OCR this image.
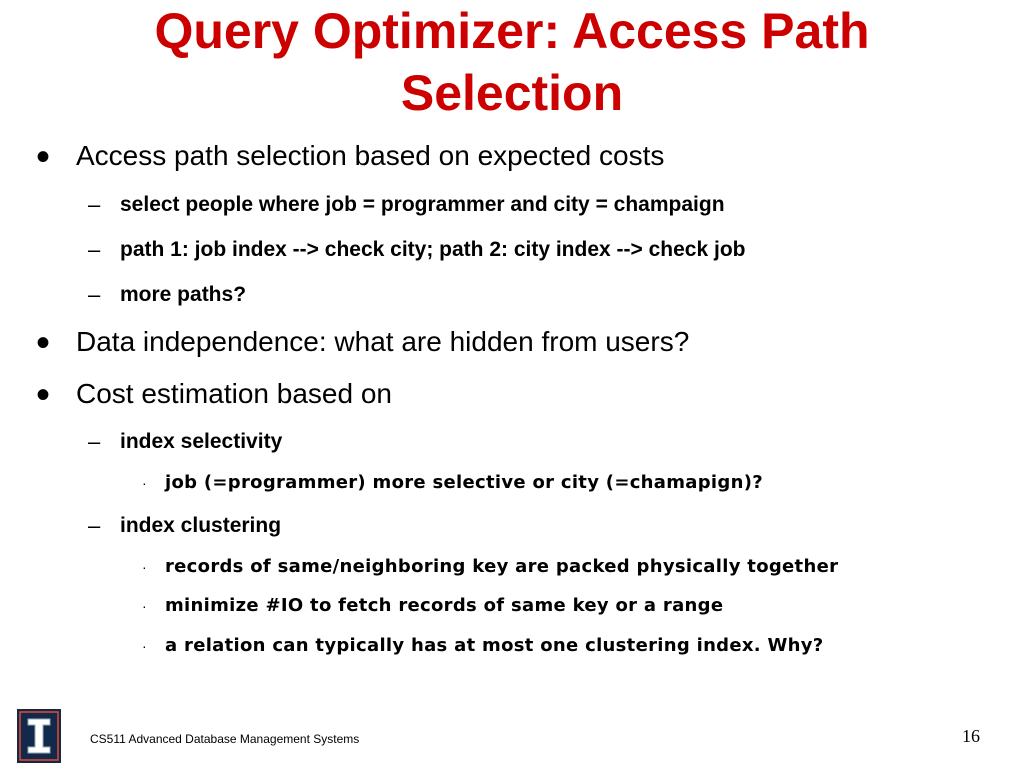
Query Optimizer: Access Path Selection
• Access path selection based on expected costs
– select people where job = programmer and city = champaign
– path 1: job index --> check city; path 2: city index --> check job
– more paths?
• Data independence: what are hidden from users?
• Cost estimation based on
– index selectivity
· job (=programmer) more selective or city (=chamapign)?
– index clustering
· records of same/neighboring key are packed physically together
· minimize #IO to fetch records of same key or a range
· a relation can typically has at most one clustering index. Why?
CS511 Advanced Database Management Systems	16
